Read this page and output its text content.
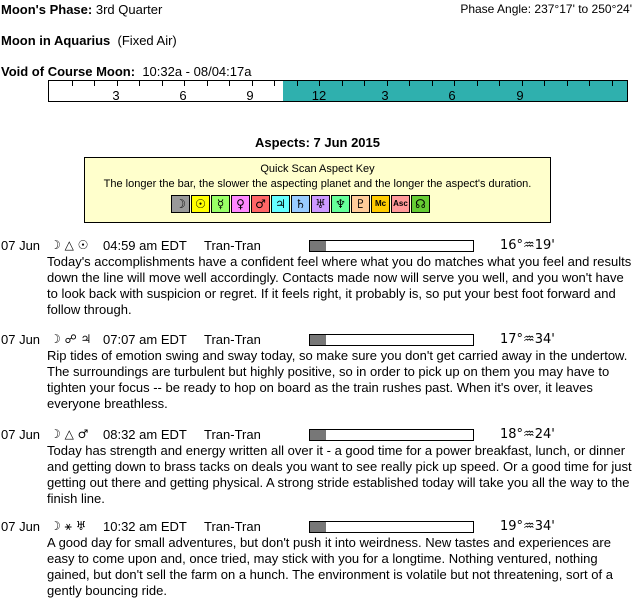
Moon's Phase: 3rd Quarter	Phase Angle: 237°17' to 250°24'
Moon in Aquarius (Fixed Air)
Void of Course Moon: 10:32a - 08/04:17a
3	6	9	12	3	6	9
Aspects: 7 Jun 2015
Quick Scan Aspect Key
The longer the bar, the slower the aspecting planet and the longer the aspect's duration.
☽ ☉ ☿ ♀ ♂ ♃ ♄ ♅ ♆ ♇	Mc Asc ☊
07 Jun ☽ △ ☉ 04:59 am EDT Tran-Tran	16°♒19'
Today's accomplishments have a confident feel where what you do matches what you feel and results down the line will move well accordingly. Contacts made now will serve you well, and you won't have to look back with suspicion or regret. If it feels right, it probably is, so put your best foot forward and follow through.
07 Jun ☽ ☍ ♃ 07:07 am EDT Tran-Tran	17°♒34'
Rip tides of emotion swing and sway today, so make sure you don't get carried away in the undertow. The surroundings are turbulent but highly positive, so in order to pick up on them you may have to tighten your focus -- be ready to hop on board as the train rushes past. When it's over, it leaves everyone breathless.
07 Jun ☽ △ ♂ 08:32 am EDT Tran-Tran	18°♒24'
Today has strength and energy written all over it - a good time for a power breakfast, lunch, or dinner and getting down to brass tacks on deals you want to see really pick up speed. Or a good time for just getting out there and getting physical. A strong stride established today will take you all the way to the finish line.
07 Jun ☽ ⚹ ♅ 10:32 am EDT Tran-Tran	19°♒34'
A good day for small adventures, but don't push it into weirdness. New tastes and experiences are easy to come upon and, once tried, may stick with you for a longtime. Nothing ventured, nothing gained, but don't sell the farm on a hunch. The environment is volatile but not threatening, sort of a gently bouncing ride.
